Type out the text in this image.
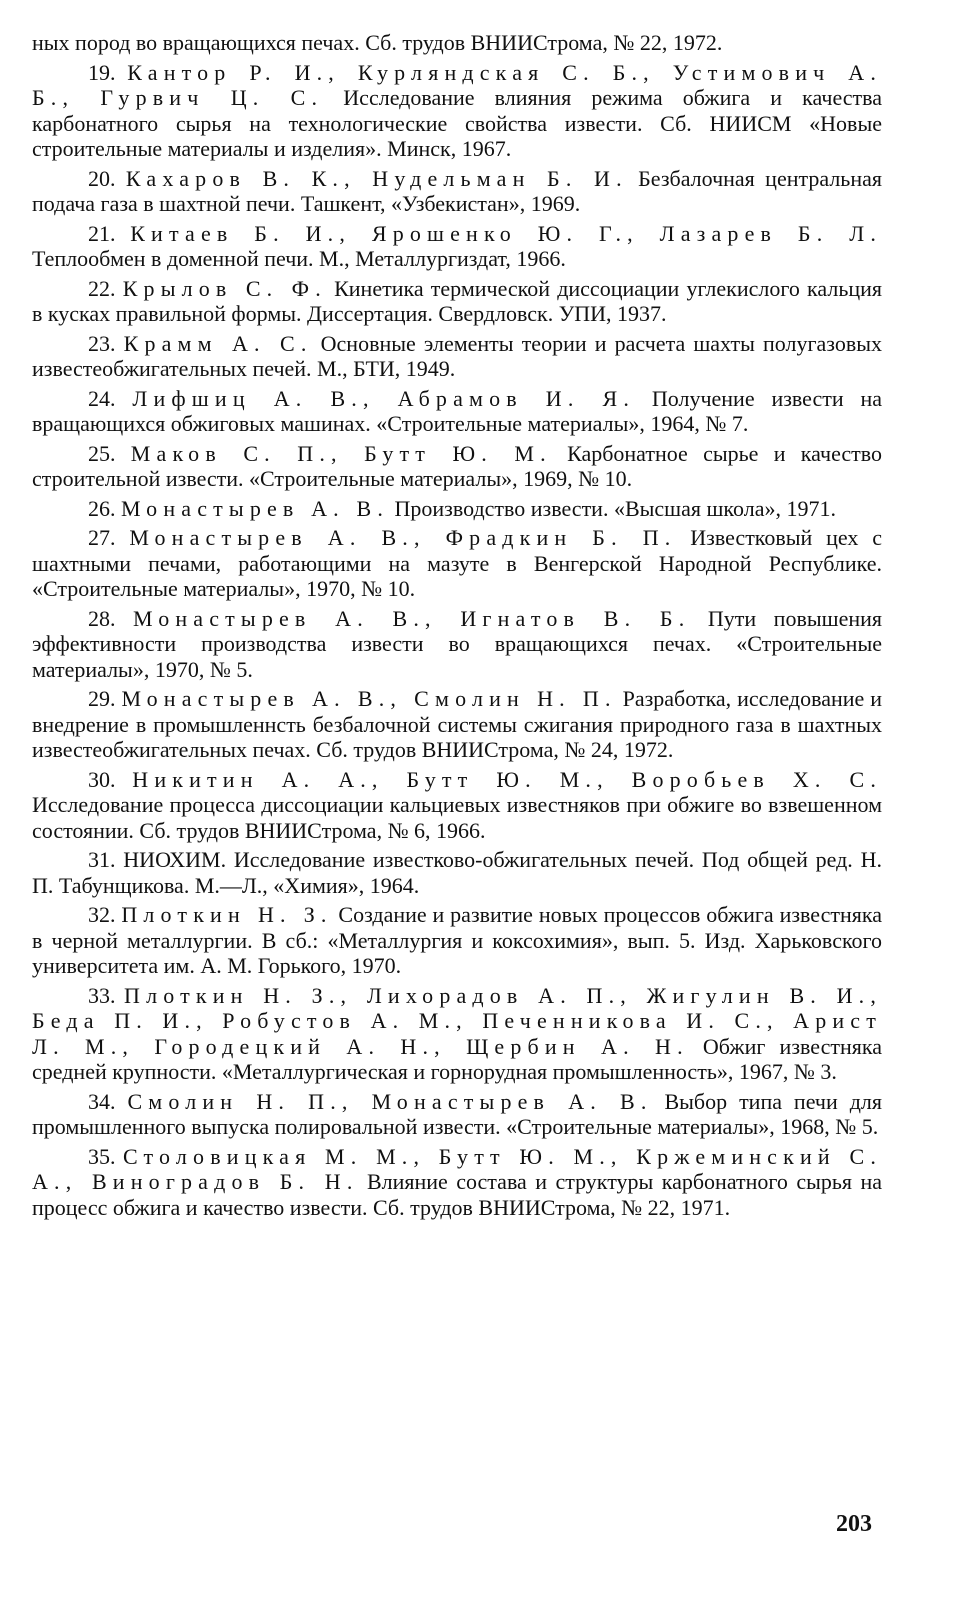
ных пород во вращающихся печах. Сб. трудов ВНИИСтрома, № 22, 1972.

19. Кантор Р. И., Курляндская С. Б., Устимович А. Б., Гурвич Ц. С. Исследование влияния режима обжига и качества карбонатного сырья на технологические свойства извести. Сб. НИИСМ «Новые строительные материалы и изделия». Минск, 1967.

20. Кахаров В. К., Нудельман Б. И. Безбалочная центральная подача газа в шахтной печи. Ташкент, «Узбекистан», 1969.

21. Китаев Б. И., Ярошенко Ю. Г., Лазарев Б. Л. Теплообмен в доменной печи. М., Металлургиздат, 1966.

22. Крылов С. Ф. Кинетика термической диссоциации углекислого кальция в кусках правильной формы. Диссертация. Свердловск. УПИ, 1937.

23. Крамм А. С. Основные элементы теории и расчета шахты полугазовых известеобжигательных печей. М., БТИ, 1949.

24. Лифшиц А. В., Абрамов И. Я. Получение извести на вращающихся обжиговых машинах. «Строительные материалы», 1964, № 7.

25. Маков С. П., Бутт Ю. М. Карбонатное сырье и качество строительной извести. «Строительные материалы», 1969, № 10.

26. Монастырев А. В. Производство извести. «Высшая школа», 1971.

27. Монастырев А. В., Фрадкин Б. П. Известковый цех с шахтными печами, работающими на мазуте в Венгерской Народной Республике. «Строительные материалы», 1970, № 10.

28. Монастырев А. В., Игнатов В. Б. Пути повышения эффективности производства извести во вращающихся печах. «Строительные материалы», 1970, № 5.

29. Монастырев А. В., Смолин Н. П. Разработка, исследование и внедрение в промышленнсть безбалочной системы сжигания природного газа в шахтных известеобжигательных печах. Сб. трудов ВНИИСтрома, № 24, 1972.

30. Никитин А. А., Бутт Ю. М., Воробьев Х. С. Исследование процесса диссоциации кальциевых известняков при обжиге во взвешенном состоянии. Сб. трудов ВНИИСтрома, № 6, 1966.

31. НИОХИМ. Исследование известково-обжигательных печей. Под общей ред. Н. П. Табунщикова. М.—Л., «Химия», 1964.

32. Плоткин Н. З. Создание и развитие новых процессов обжига известняка в черной металлургии. В сб.: «Металлургия и коксохимия», вып. 5. Изд. Харьковского университета им. А. М. Горького, 1970.

33. Плоткин Н. З., Лихорадов А. П., Жигулин В. И., Беда П. И., Робустов А. М., Печенникова И. С., Арист Л. М., Городецкий А. Н., Щербин А. Н. Обжиг известняка средней крупности. «Металлургическая и горнорудная промышленность», 1967, № 3.

34. Смолин Н. П., Монастырев А. В. Выбор типа печи для промышленного выпуска полировальной извести. «Строительные материалы», 1968, № 5.

35. Столовицкая М. М., Бутт Ю. М., Кржеминский С. А., Виноградов Б. Н. Влияние состава и структуры карбонатного сырья на процесс обжига и качество извести. Сб. трудов ВНИИСтрома, № 22, 1971.

203
